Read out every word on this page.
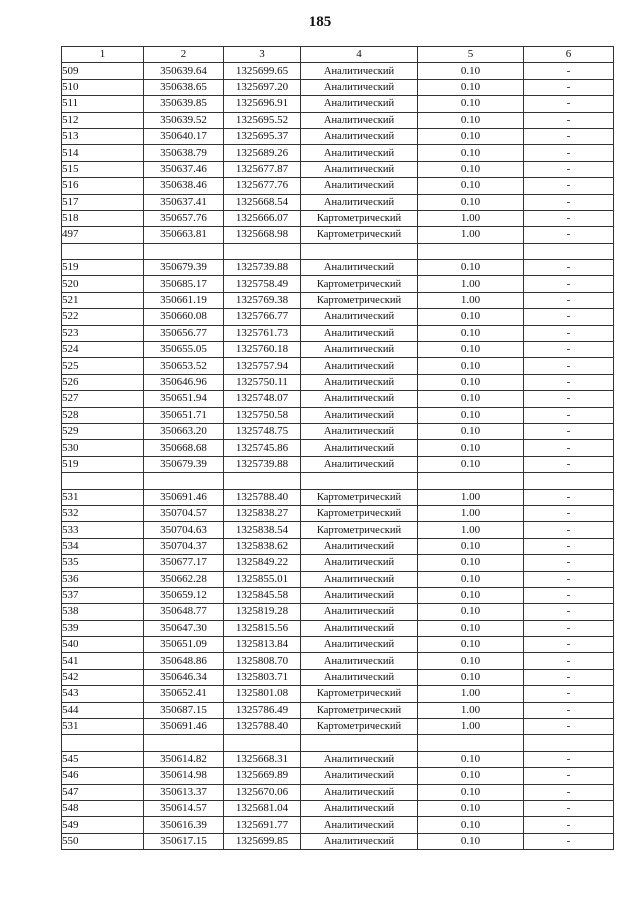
185
1	2	3	4	5	6
509	350639.64	1325699.65	Аналитический	0.10	-
510	350638.65	1325697.20	Аналитический	0.10	-
511	350639.85	1325696.91	Аналитический	0.10	-
512	350639.52	1325695.52	Аналитический	0.10	-
513	350640.17	1325695.37	Аналитический	0.10	-
514	350638.79	1325689.26	Аналитический	0.10	-
515	350637.46	1325677.87	Аналитический	0.10	-
516	350638.46	1325677.76	Аналитический	0.10	-
517	350637.41	1325668.54	Аналитический	0.10	-
518	350657.76	1325666.07	Картометрический	1.00	-
497	350663.81	1325668.98	Картометрический	1.00	-

519	350679.39	1325739.88	Аналитический	0.10	-
520	350685.17	1325758.49	Картометрический	1.00	-
521	350661.19	1325769.38	Картометрический	1.00	-
522	350660.08	1325766.77	Аналитический	0.10	-
523	350656.77	1325761.73	Аналитический	0.10	-
524	350655.05	1325760.18	Аналитический	0.10	-
525	350653.52	1325757.94	Аналитический	0.10	-
526	350646.96	1325750.11	Аналитический	0.10	-
527	350651.94	1325748.07	Аналитический	0.10	-
528	350651.71	1325750.58	Аналитический	0.10	-
529	350663.20	1325748.75	Аналитический	0.10	-
530	350668.68	1325745.86	Аналитический	0.10	-
519	350679.39	1325739.88	Аналитический	0.10	-

531	350691.46	1325788.40	Картометрический	1.00	-
532	350704.57	1325838.27	Картометрический	1.00	-
533	350704.63	1325838.54	Картометрический	1.00	-
534	350704.37	1325838.62	Аналитический	0.10	-
535	350677.17	1325849.22	Аналитический	0.10	-
536	350662.28	1325855.01	Аналитический	0.10	-
537	350659.12	1325845.58	Аналитический	0.10	-
538	350648.77	1325819.28	Аналитический	0.10	-
539	350647.30	1325815.56	Аналитический	0.10	-
540	350651.09	1325813.84	Аналитический	0.10	-
541	350648.86	1325808.70	Аналитический	0.10	-
542	350646.34	1325803.71	Аналитический	0.10	-
543	350652.41	1325801.08	Картометрический	1.00	-
544	350687.15	1325786.49	Картометрический	1.00	-
531	350691.46	1325788.40	Картометрический	1.00	-

545	350614.82	1325668.31	Аналитический	0.10	-
546	350614.98	1325669.89	Аналитический	0.10	-
547	350613.37	1325670.06	Аналитический	0.10	-
548	350614.57	1325681.04	Аналитический	0.10	-
549	350616.39	1325691.77	Аналитический	0.10	-
550	350617.15	1325699.85	Аналитический	0.10	-
